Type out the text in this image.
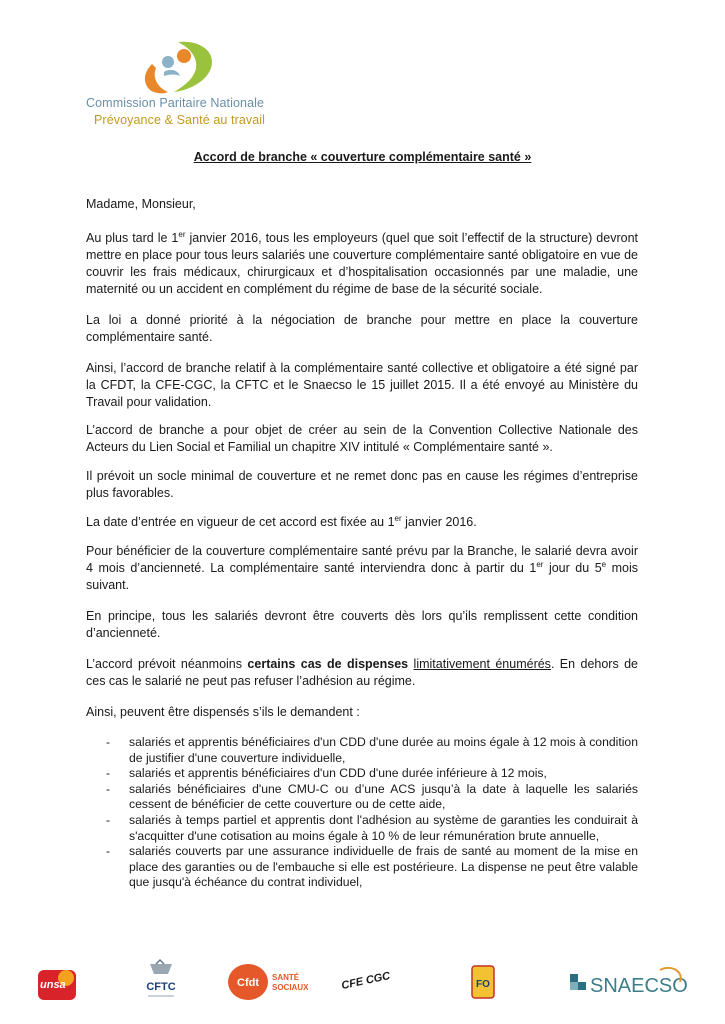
Commission Paritaire Nationale
Prévoyance & Santé au travail
Accord de branche « couverture complémentaire santé »

Madame, Monsieur,

Au plus tard le 1er janvier 2016, tous les employeurs (quel que soit l’effectif de la structure) devront mettre en place pour tous leurs salariés une couverture complémentaire santé obligatoire en vue de couvrir les frais médicaux, chirurgicaux et d’hospitalisation occasionnés par une maladie, une maternité ou un accident en complément du régime de base de la sécurité sociale.

La loi a donné priorité à la négociation de branche pour mettre en place la couverture complémentaire santé.

Ainsi, l’accord de branche relatif à la complémentaire santé collective et obligatoire a été signé par la CFDT, la CFE-CGC, la CFTC et le Snaecso le 15 juillet 2015. Il a été envoyé au Ministère du Travail pour validation.

L’accord de branche a pour objet de créer au sein de la Convention Collective Nationale des Acteurs du Lien Social et Familial un chapitre XIV intitulé « Complémentaire santé ».

Il prévoit un socle minimal de couverture et ne remet donc pas en cause les régimes d’entreprise plus favorables.

La date d’entrée en vigueur de cet accord est fixée au 1er janvier 2016.

Pour bénéficier de la couverture complémentaire santé prévu par la Branche, le salarié devra avoir 4 mois d’ancienneté. La complémentaire santé interviendra donc à partir du 1er jour du 5e mois suivant.

En principe, tous les salariés devront être couverts dès lors qu’ils remplissent cette condition d’ancienneté.

L’accord prévoit néanmoins certains cas de dispenses limitativement énumérés. En dehors de ces cas le salarié ne peut pas refuser l’adhésion au régime.

Ainsi, peuvent être dispensés s’ils le demandent :

- salariés et apprentis bénéficiaires d'un CDD d'une durée au moins égale à 12 mois à condition de justifier d'une couverture individuelle,
- salariés et apprentis bénéficiaires d'un CDD d'une durée inférieure à 12 mois,
- salariés bénéficiaires d'une CMU-C ou d’une ACS jusqu’à la date à laquelle les salariés cessent de bénéficier de cette couverture ou de cette aide,
- salariés à temps partiel et apprentis dont l'adhésion au système de garanties les conduirait à s'acquitter d'une cotisation au moins égale à 10 % de leur rémunération brute annuelle,
- salariés couverts par une assurance individuelle de frais de santé au moment de la mise en place des garanties ou de l'embauche si elle est postérieure. La dispense ne peut être valable que jusqu'à échéance du contrat individuel,
unsa	CFTC	Cfdt SANTÉ
SOCIAUX	CFE CGC	FO	SNAECSO
